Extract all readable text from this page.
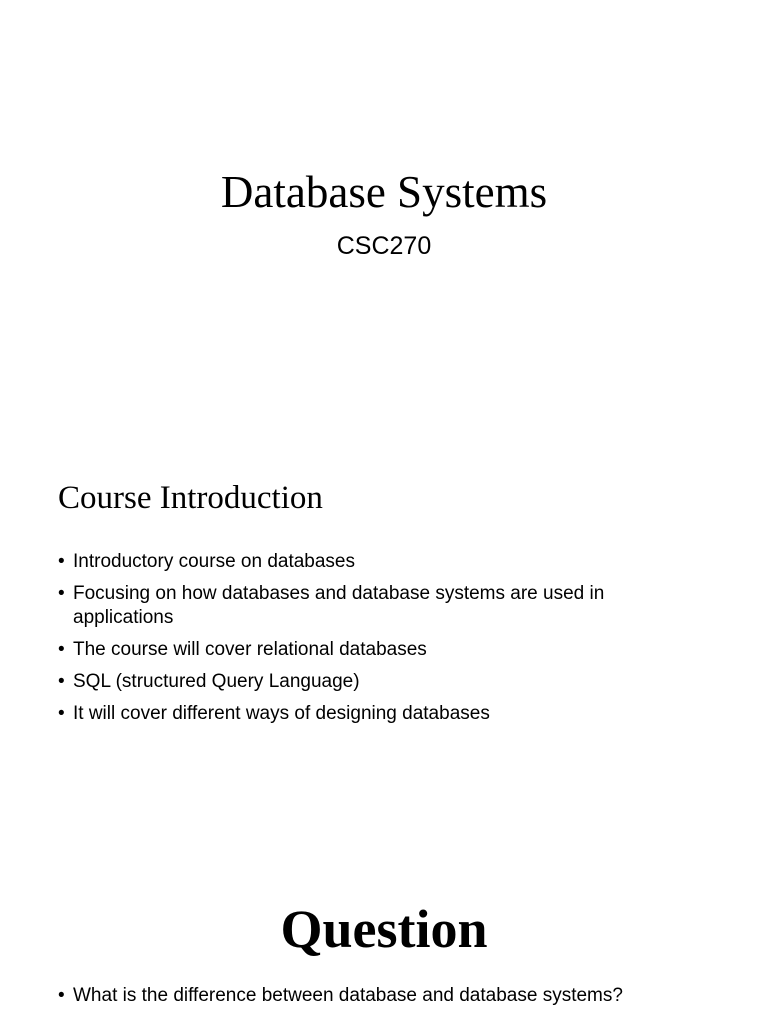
Database Systems
CSC270
Course Introduction
• Introductory course on databases
• Focusing on how databases and database systems are used in applications
• The course will cover relational databases
• SQL (structured Query Language)
• It will cover different ways of designing databases
Question
• What is the difference between database and database systems?
